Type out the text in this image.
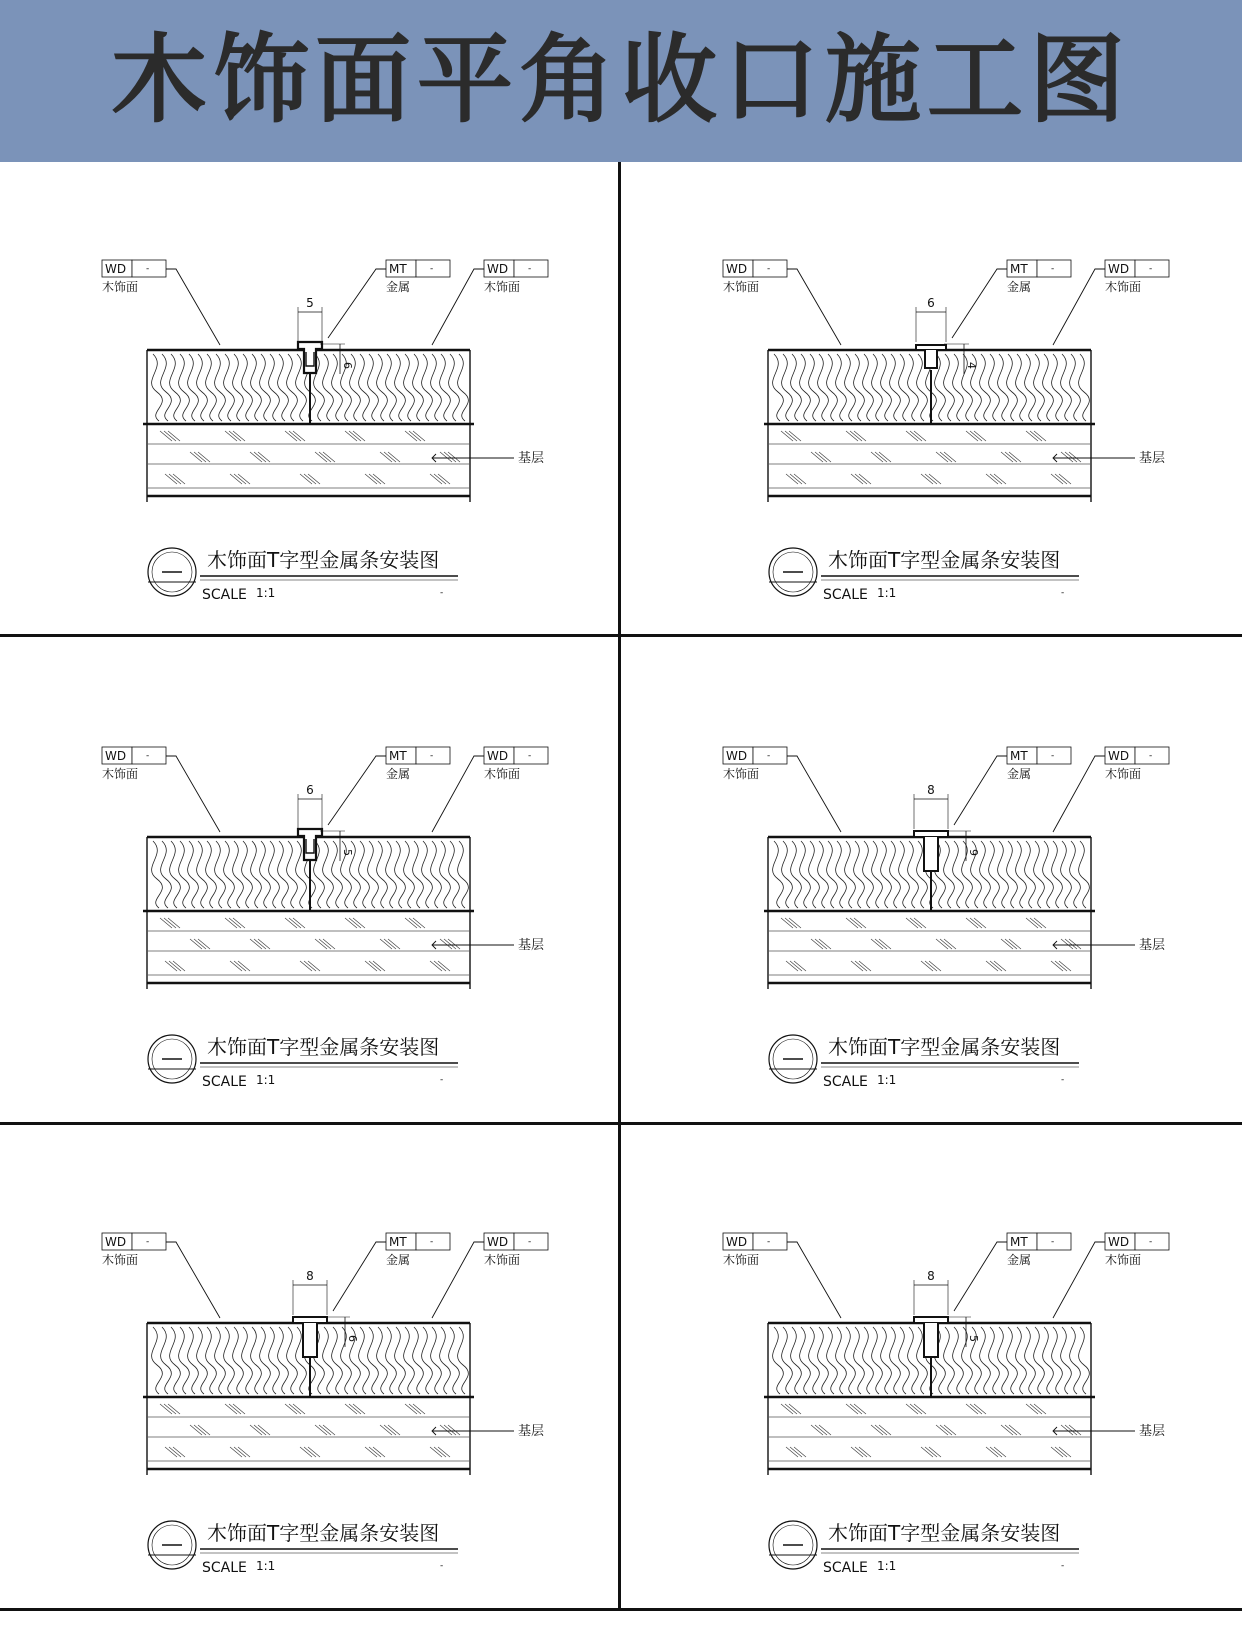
木饰面平角收口施工图
5
6
WD -
木饰面
MT	-
金属
WD -
木饰面
基层
木饰面T字型金属条安装图
SCALE 1:1	-
6
4
WD -
木饰面
MT	-
金属
WD -
木饰面
基层
木饰面T字型金属条安装图
SCALE 1:1	-
6
5
WD -
木饰面
MT	-
金属
WD -
木饰面
基层
木饰面T字型金属条安装图
SCALE 1:1	-
8
9
WD -
木饰面
MT	-
金属
WD -
木饰面
基层
木饰面T字型金属条安装图
SCALE 1:1	-
8
6
WD -
木饰面
MT	-
金属
WD -
木饰面
基层
木饰面T字型金属条安装图
SCALE 1:1	-
8
5
WD -
木饰面
MT	-
金属
WD -
木饰面
基层
木饰面T字型金属条安装图
SCALE 1:1	-
